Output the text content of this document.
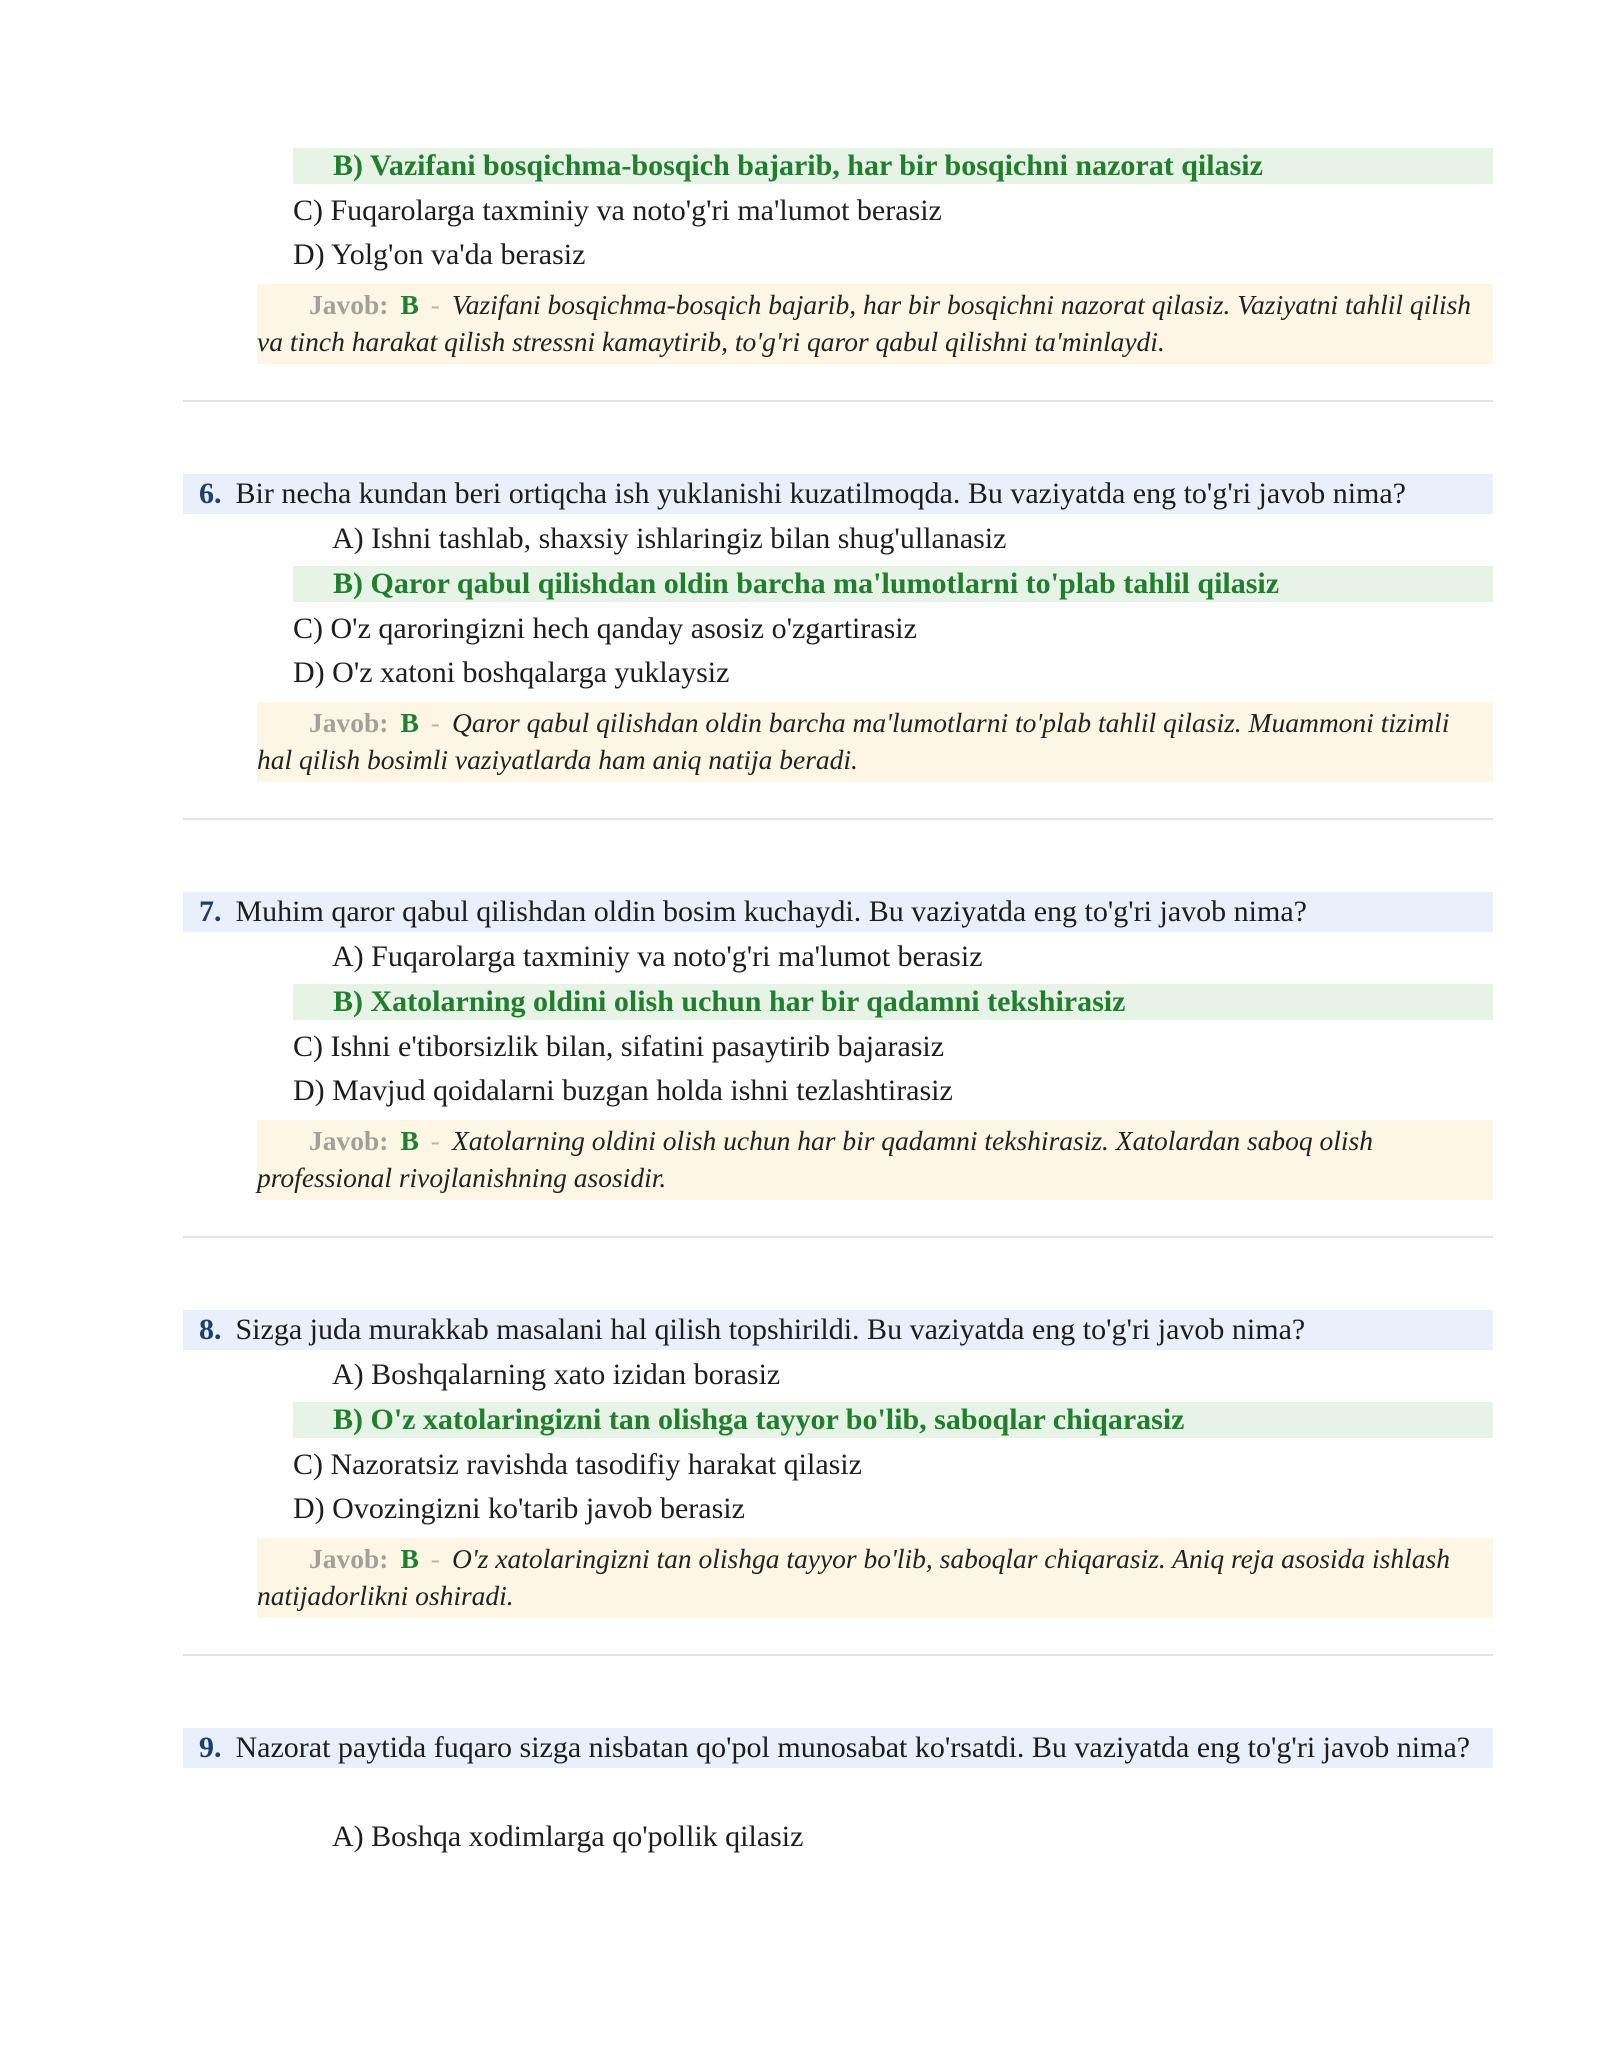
B) Vazifani bosqichma-bosqich bajarib, har bir bosqichni nazorat qilasiz
C) Fuqarolarga taxminiy va noto'g'ri ma'lumot berasiz
D) Yolg'on va'da berasiz
Javob: B - Vazifani bosqichma-bosqich bajarib, har bir bosqichni nazorat qilasiz. Vaziyatni tahlil qilish va tinch harakat qilish stressni kamaytirib, to'g'ri qaror qabul qilishni ta'minlaydi.
6. Bir necha kundan beri ortiqcha ish yuklanishi kuzatilmoqda. Bu vaziyatda eng to'g'ri javob nima?
A) Ishni tashlab, shaxsiy ishlaringiz bilan shug'ullanasiz
B) Qaror qabul qilishdan oldin barcha ma'lumotlarni to'plab tahlil qilasiz
C) O'z qaroringizni hech qanday asosiz o'zgartirasiz
D) O'z xatoni boshqalarga yuklaysiz
Javob: B - Qaror qabul qilishdan oldin barcha ma'lumotlarni to'plab tahlil qilasiz. Muammoni tizimli hal qilish bosimli vaziyatlarda ham aniq natija beradi.
7. Muhim qaror qabul qilishdan oldin bosim kuchaydi. Bu vaziyatda eng to'g'ri javob nima?
A) Fuqarolarga taxminiy va noto'g'ri ma'lumot berasiz
B) Xatolarning oldini olish uchun har bir qadamni tekshirasiz
C) Ishni e'tiborsizlik bilan, sifatini pasaytirib bajarasiz
D) Mavjud qoidalarni buzgan holda ishni tezlashtirasiz
Javob: B - Xatolarning oldini olish uchun har bir qadamni tekshirasiz. Xatolardan saboq olish professional rivojlanishning asosidir.
8. Sizga juda murakkab masalani hal qilish topshirildi. Bu vaziyatda eng to'g'ri javob nima?
A) Boshqalarning xato izidan borasiz
B) O'z xatolaringizni tan olishga tayyor bo'lib, saboqlar chiqarasiz
C) Nazoratsiz ravishda tasodifiy harakat qilasiz
D) Ovozingizni ko'tarib javob berasiz
Javob: B - O'z xatolaringizni tan olishga tayyor bo'lib, saboqlar chiqarasiz. Aniq reja asosida ishlash natijadorlikni oshiradi.
9. Nazorat paytida fuqaro sizga nisbatan qo'pol munosabat ko'rsatdi. Bu vaziyatda eng to'g'ri javob nima?
A) Boshqa xodimlarga qo'pollik qilasiz
